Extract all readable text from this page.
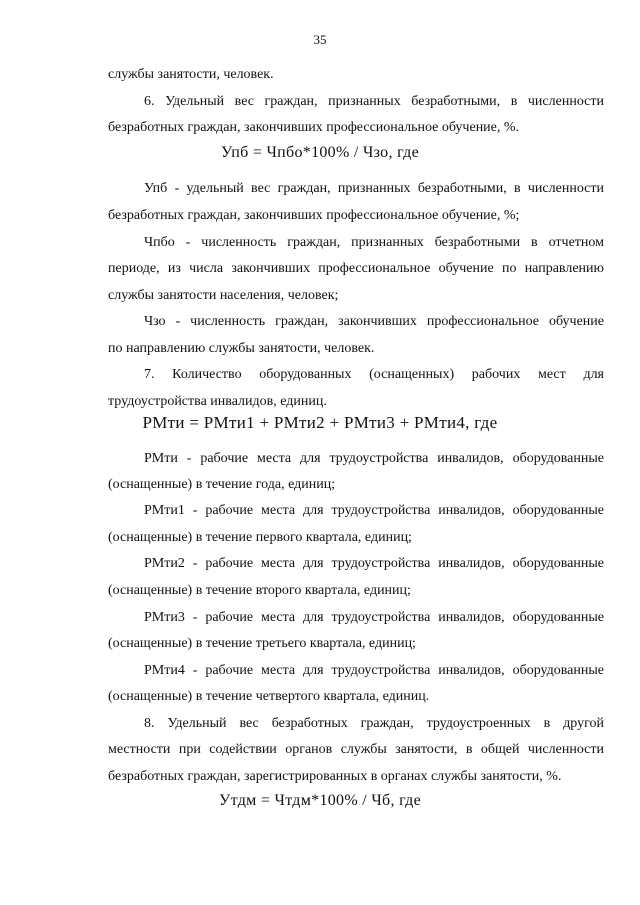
35
службы занятости, человек.
6. Удельный вес граждан, признанных безработными, в численности
безработных граждан, закончивших профессиональное обучение, %.
Упб = Чпбо*100% / Чзо, где
Упб - удельный вес граждан, признанных безработными, в численности
безработных граждан, закончивших профессиональное обучение, %;
Чпбо - численность граждан, признанных безработными в отчетном
периоде, из числа закончивших профессиональное обучение по направлению
службы занятости населения, человек;
Чзо - численность граждан, закончивших профессиональное обучение
по направлению службы занятости, человек.
7. Количество оборудованных (оснащенных) рабочих мест для
трудоустройства инвалидов, единиц.
РМти = РМти1 + РМти2 + РМти3 + РМти4, где
РМти - рабочие места для трудоустройства инвалидов, оборудованные
(оснащенные) в течение года, единиц;
РМти1 - рабочие места для трудоустройства инвалидов, оборудованные
(оснащенные) в течение первого квартала, единиц;
РМти2 - рабочие места для трудоустройства инвалидов, оборудованные
(оснащенные) в течение второго квартала, единиц;
РМти3 - рабочие места для трудоустройства инвалидов, оборудованные
(оснащенные) в течение третьего квартала, единиц;
РМти4 - рабочие места для трудоустройства инвалидов, оборудованные
(оснащенные) в течение четвертого квартала, единиц.
8. Удельный вес безработных граждан, трудоустроенных в другой
местности при содействии органов службы занятости, в общей численности
безработных граждан, зарегистрированных в органах службы занятости, %.
Утдм = Чтдм*100% / Чб, где
